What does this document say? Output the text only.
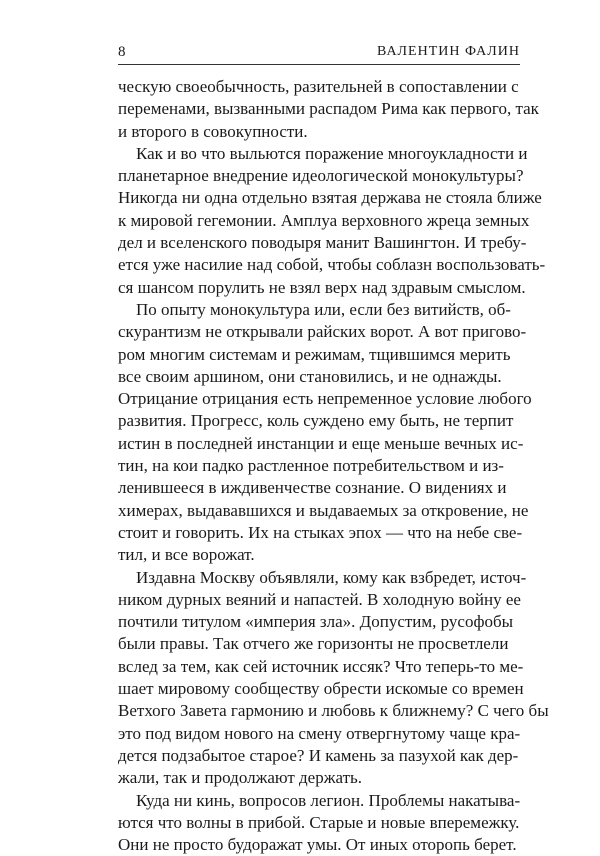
8	ВАЛЕНТИН ФАЛИН
ческую своеобычность, разительней в сопоставлении с
переменами, вызванными распадом Рима как первого, так
и второго в совокупности.
Как и во что выльются поражение многоукладности и
планетарное внедрение идеологической монокультуры?
Никогда ни одна отдельно взятая держава не стояла ближе
к мировой гегемонии. Амплуа верховного жреца земных
дел и вселенского поводыря манит Вашингтон. И требу-
ется уже насилие над собой, чтобы соблазн воспользовать-
ся шансом порулить не взял верх над здравым смыслом.
По опыту монокультура или, если без витийств, об-
скурантизм не открывали райских ворот. А вот пригово-
ром многим системам и режимам, тщившимся мерить
все своим аршином, они становились, и не однажды.
Отрицание отрицания есть непременное условие любого
развития. Прогресс, коль суждено ему быть, не терпит
истин в последней инстанции и еще меньше вечных ис-
тин, на кои падко растленное потребительством и из-
ленившееся в иждивенчестве сознание. О видениях и
химерах, выдававшихся и выдаваемых за откровение, не
стоит и говорить. Их на стыках эпох — что на небе све-
тил, и все ворожат.
Издавна Москву объявляли, кому как взбредет, источ-
ником дурных веяний и напастей. В холодную войну ее
почтили титулом «империя зла». Допустим, русофобы
были правы. Так отчего же горизонты не просветлели
вслед за тем, как сей источник иссяк? Что теперь-то ме-
шает мировому сообществу обрести искомые со времен
Ветхого Завета гармонию и любовь к ближнему? С чего бы
это под видом нового на смену отвергнутому чаще кра-
дется подзабытое старое? И камень за пазухой как дер-
жали, так и продолжают держать.
Куда ни кинь, вопросов легион. Проблемы накатыва-
ются что волны в прибой. Старые и новые вперемежку.
Они не просто будоражат умы. От иных оторопь берет.
